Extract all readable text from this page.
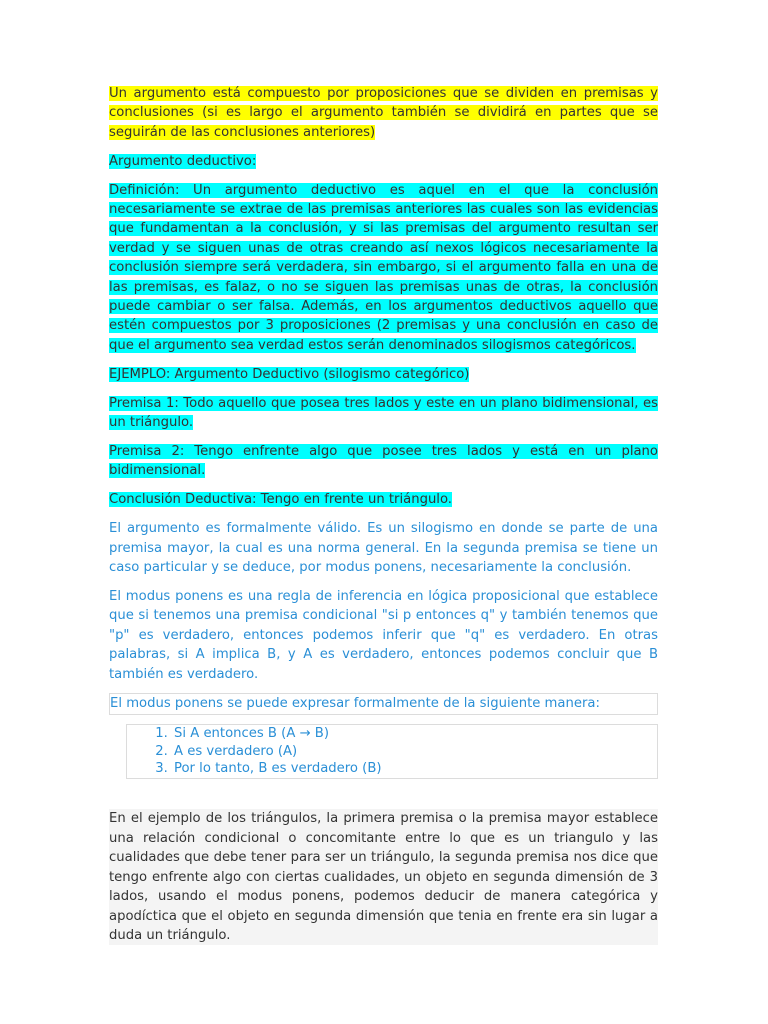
Un argumento está compuesto por proposiciones que se dividen en premisas y conclusiones (si es largo el argumento también se dividirá en partes que se seguirán de las conclusiones anteriores)

Argumento deductivo:

Definición: Un argumento deductivo es aquel en el que la conclusión necesariamente se extrae de las premisas anteriores las cuales son las evidencias que fundamentan a la conclusión, y si las premisas del argumento resultan ser verdad y se siguen unas de otras creando así nexos lógicos necesariamente la conclusión siempre será verdadera, sin embargo, si el argumento falla en una de las premisas, es falaz, o no se siguen las premisas unas de otras, la conclusión puede cambiar o ser falsa. Además, en los argumentos deductivos aquello que estén compuestos por 3 proposiciones (2 premisas y una conclusión en caso de que el argumento sea verdad estos serán denominados silogismos categóricos.

EJEMPLO: Argumento Deductivo (silogismo categórico)

Premisa 1: Todo aquello que posea tres lados y este en un plano bidimensional, es un triángulo.

Premisa 2: Tengo enfrente algo que posee tres lados y está en un plano bidimensional.

Conclusión Deductiva: Tengo en frente un triángulo.

El argumento es formalmente válido. Es un silogismo en donde se parte de una premisa mayor, la cual es una norma general. En la segunda premisa se tiene un caso particular y se deduce, por modus ponens, necesariamente la conclusión.

El modus ponens es una regla de inferencia en lógica proposicional que establece que si tenemos una premisa condicional "si p entonces q" y también tenemos que "p" es verdadero, entonces podemos inferir que "q" es verdadero. En otras palabras, si A implica B, y A es verdadero, entonces podemos concluir que B también es verdadero.

El modus ponens se puede expresar formalmente de la siguiente manera:
1. Si A entonces B (A → B)
2. A es verdadero (A)
3. Por lo tanto, B es verdadero (B)

En el ejemplo de los triángulos, la primera premisa o la premisa mayor establece una relación condicional o concomitante entre lo que es un triangulo y las cualidades que debe tener para ser un triángulo, la segunda premisa nos dice que tengo enfrente algo con ciertas cualidades, un objeto en segunda dimensión de 3 lados, usando el modus ponens, podemos deducir de manera categórica y apodíctica que el objeto en segunda dimensión que tenia en frente era sin lugar a duda un triángulo.
